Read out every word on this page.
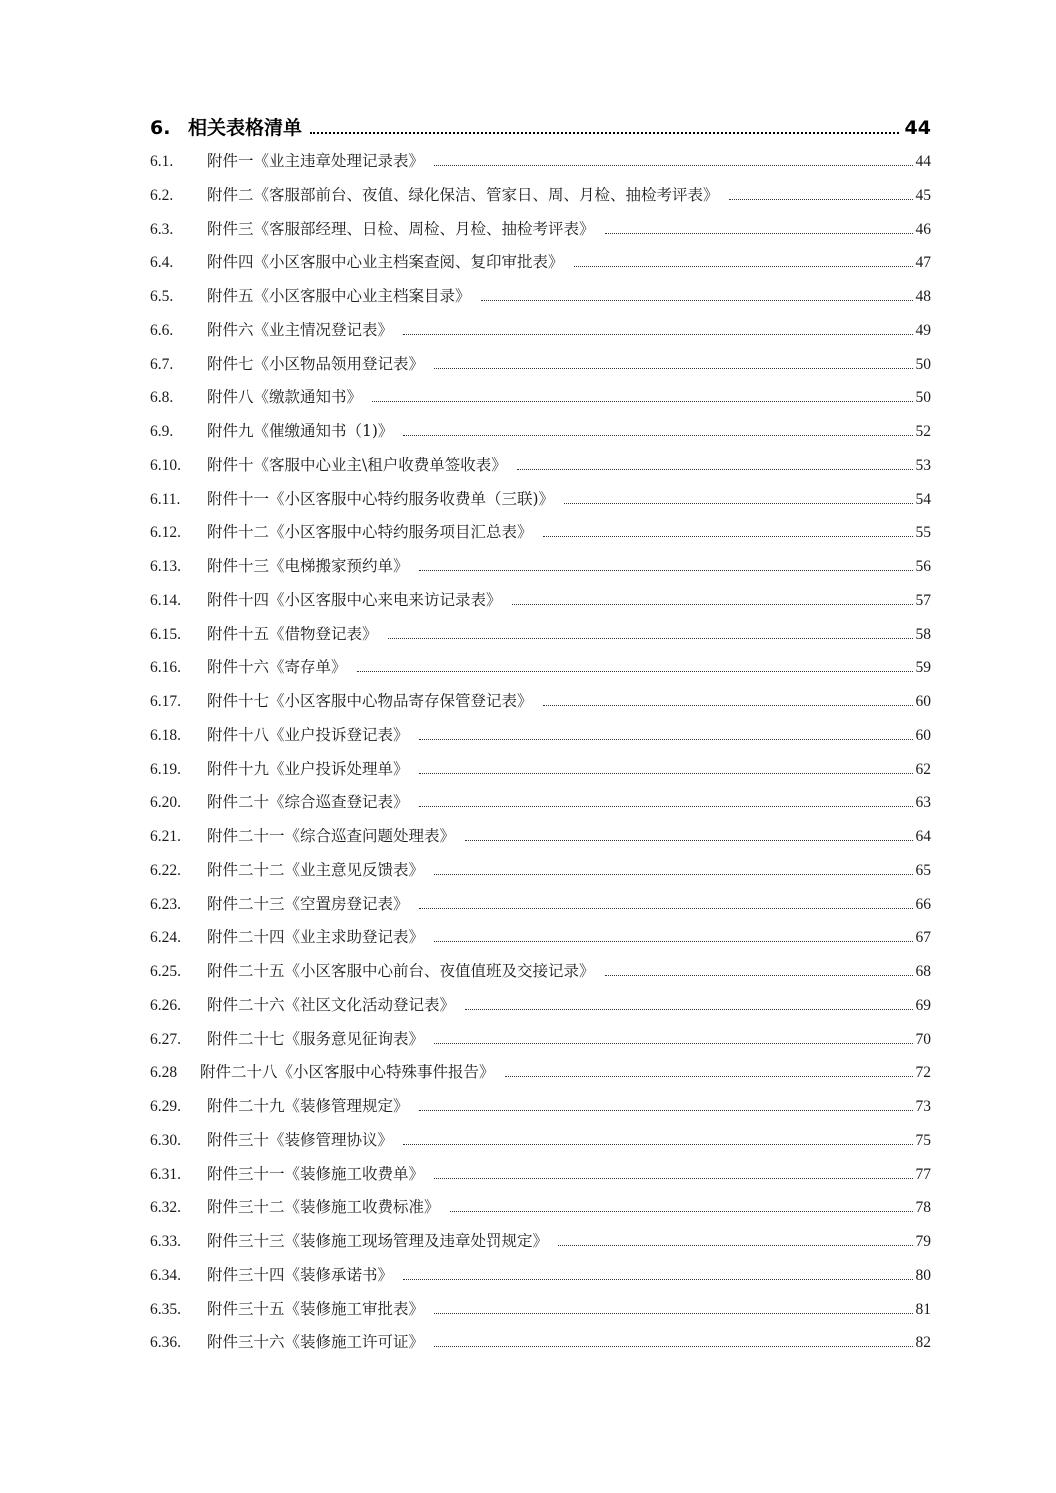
6. 相关表格清单	44
6.1.	附件一《业主违章处理记录表》	44
6.2.	附件二《客服部前台、夜值、绿化保洁、管家日、周、月检、抽检考评表》	45
6.3.	附件三《客服部经理、日检、周检、月检、抽检考评表》	46
6.4.	附件四《小区客服中心业主档案查阅、复印审批表》	47
6.5.	附件五《小区客服中心业主档案目录》	48
6.6.	附件六《业主情况登记表》	49
6.7.	附件七《小区物品领用登记表》	50
6.8.	附件八《缴款通知书》	50
6.9.	附件九《催缴通知书（1)》	52
6.10.	附件十《客服中心业主\租户收费单签收表》	53
6.11.	附件十一《小区客服中心特约服务收费单（三联)》	54
6.12.	附件十二《小区客服中心特约服务项目汇总表》	55
6.13.	附件十三《电梯搬家预约单》	56
6.14.	附件十四《小区客服中心来电来访记录表》	57
6.15.	附件十五《借物登记表》	58
6.16.	附件十六《寄存单》	59
6.17.	附件十七《小区客服中心物品寄存保管登记表》	60
6.18.	附件十八《业户投诉登记表》	60
6.19.	附件十九《业户投诉处理单》	62
6.20.	附件二十《综合巡查登记表》	63
6.21.	附件二十一《综合巡查问题处理表》	64
6.22.	附件二十二《业主意见反馈表》	65
6.23.	附件二十三《空置房登记表》	66
6.24.	附件二十四《业主求助登记表》	67
6.25.	附件二十五《小区客服中心前台、夜值值班及交接记录》	68
6.26.	附件二十六《社区文化活动登记表》	69
6.27.	附件二十七《服务意见征询表》	70
6.28	附件二十八《小区客服中心特殊事件报告》	72
6.29.	附件二十九《装修管理规定》	73
6.30.	附件三十《装修管理协议》	75
6.31.	附件三十一《装修施工收费单》	77
6.32.	附件三十二《装修施工收费标准》	78
6.33.	附件三十三《装修施工现场管理及违章处罚规定》	79
6.34.	附件三十四《装修承诺书》	80
6.35.	附件三十五《装修施工审批表》	81
6.36.	附件三十六《装修施工许可证》	82
